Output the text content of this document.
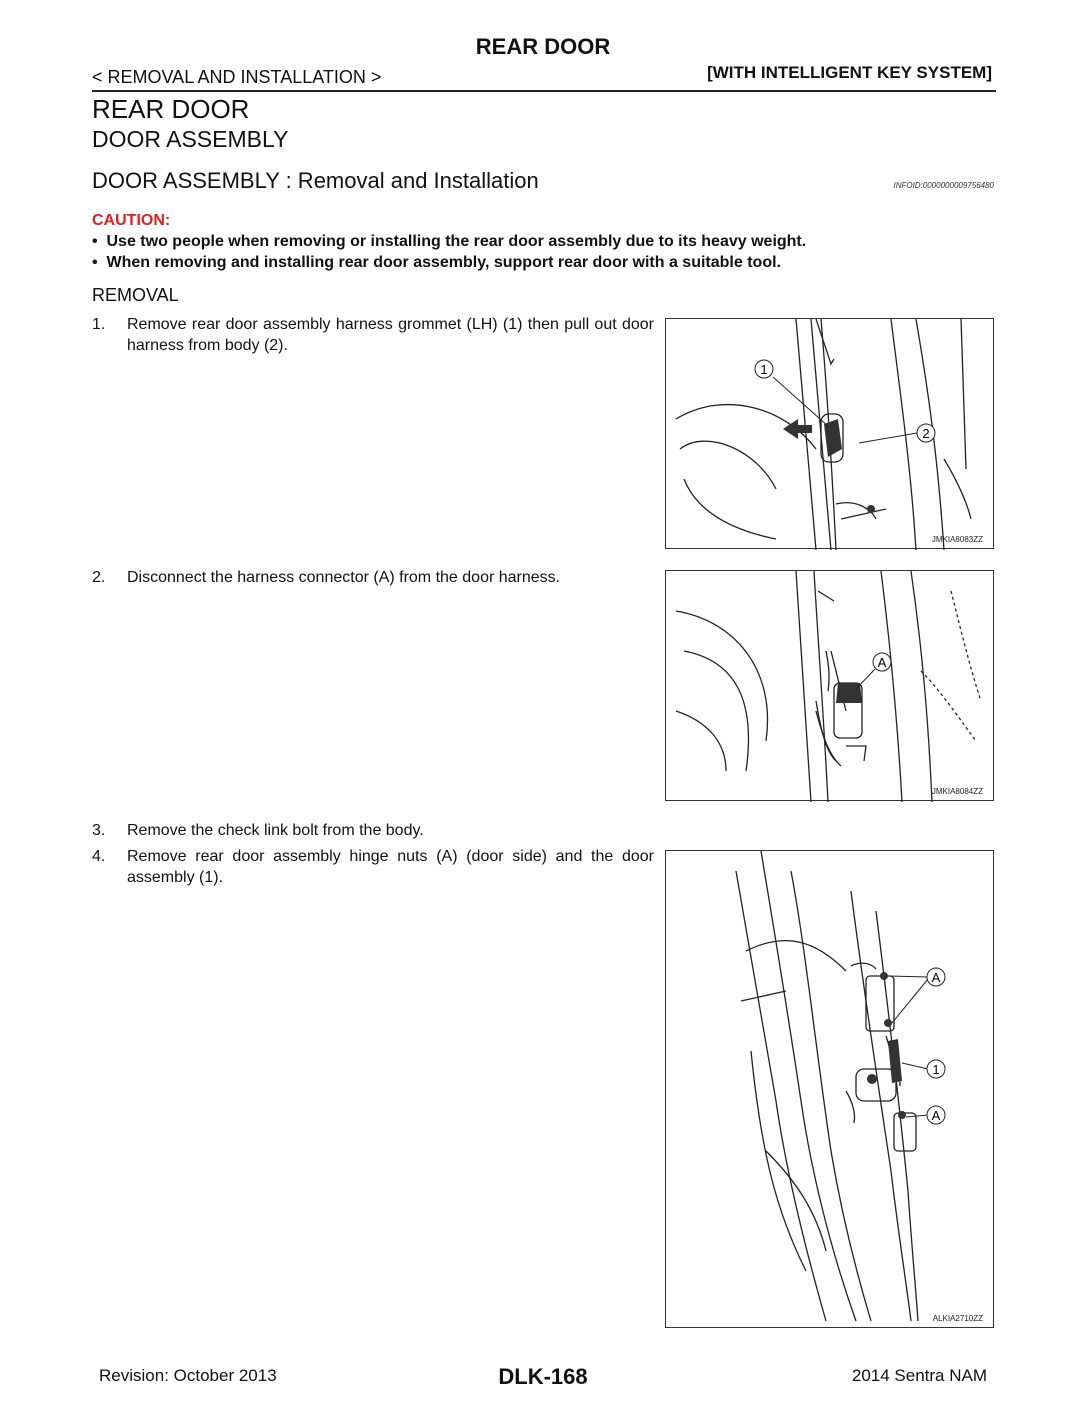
REAR DOOR
< REMOVAL AND INSTALLATION >	[WITH INTELLIGENT KEY SYSTEM]
REAR DOOR
DOOR ASSEMBLY
DOOR ASSEMBLY : Removal and Installation	INFOID:0000000009756480
CAUTION:
•  Use two people when removing or installing the rear door assembly due to its heavy weight.
•  When removing and installing rear door assembly, support rear door with a suitable tool.
REMOVAL
1. Remove rear door assembly harness grommet (LH) (1) then pull out door harness from body (2).
2. Disconnect the harness connector (A) from the door harness.
3. Remove the check link bolt from the body.
4. Remove rear door assembly hinge nuts (A) (door side) and the door assembly (1).
1
2
JMKIA8083ZZ
A
JMKIA8084ZZ
A
1
A
ALKIA2710ZZ
Revision: October 2013	DLK-168	2014 Sentra NAM
